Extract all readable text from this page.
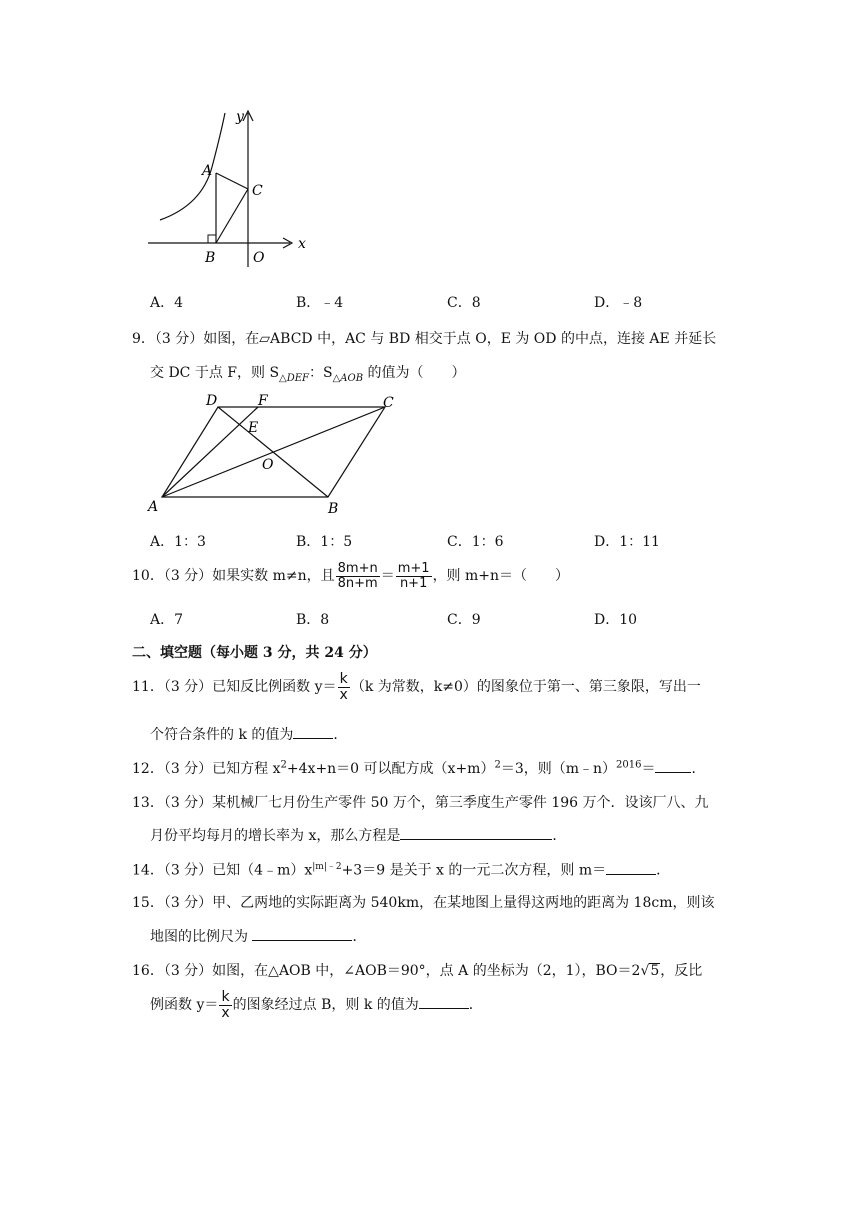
y
x
A
C
B	O
A．4	B．﹣4	C．8	D．﹣8
9．（3 分）如图，在▱ABCD 中，AC 与 BD 相交于点 O，E 为 OD 的中点，连接 AE 并延长
交 DC 于点 F，则 $S_{\triangle DEF}$：$S_{\triangle AOB}$ 的值为（　　）
D	F	C
E
O
A	B
A．1：3	B．1：5	C．1：6	D．1：11
10．（3 分）如果实数 m≠n，且 $\frac{8m+n}{8n+m} = \frac{m+1}{n+1}$ ，则 m+n＝（　　）
A．7	B．8	C．9	D．10
二、填空题（每小题 3 分，共 24 分）
11．（3 分）已知反比例函数 $y= \frac{k}{x} (k$ 为常数，k≠0）的图象位于第一、第三象限，写出一
个符合条件的 k 的值为	．
12．（3 分）已知方程 $x^2+4x+n=0$ 可以配方成$(x+m)^2=3$，则（m﹣n）$^{2016}$＝	．
13．（3 分）某机械厂七月份生产零件 50 万个，第三季度生产零件 196 万个．设该厂八、九
月份平均每月的增长率为 x，那么方程是	．
14．（3 分）已知$(4﹣m)x^{|m|﹣2}+3=9$ 是关于 x 的一元二次方程，则 m＝	．
15．（3 分）甲、乙两地的实际距离为 540km，在某地图上量得这两地的距离为 18cm，则该
地图的比例尺为	．
16．（3 分）如图，在△AOB 中，∠AOB＝90°，点 A 的坐标为（2，1），BO＝2√5，反比
例函数 $y= \frac{k}{x}$ 的图象经过点 B，则 k 的值为	．
